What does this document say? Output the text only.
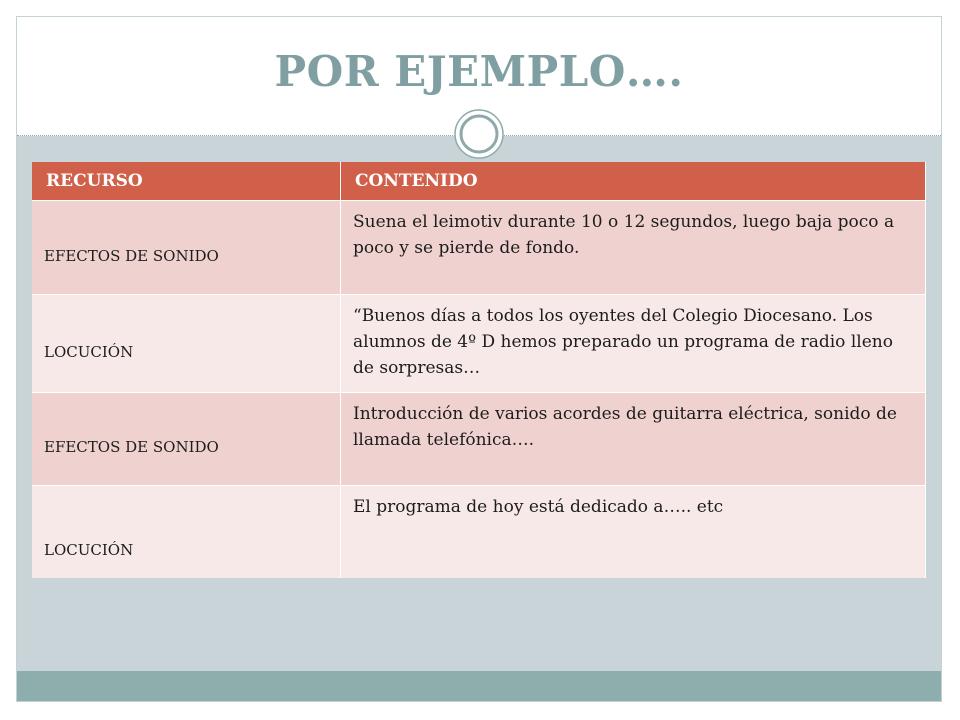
POR EJEMPLO….
RECURSO	CONTENIDO

EFECTOS DE SONIDO	Suena el leimotiv durante 10 o 12 segundos, luego baja poco a poco y se pierde de fondo.

LOCUCIÓN	“Buenos días a todos los oyentes del Colegio Diocesano. Los alumnos de 4º D hemos preparado un programa de radio lleno de sorpresas…

EFECTOS DE SONIDO	Introducción de varios acordes de guitarra eléctrica, sonido de llamada telefónica….

LOCUCIÓN	El programa de hoy está dedicado a….. etc
